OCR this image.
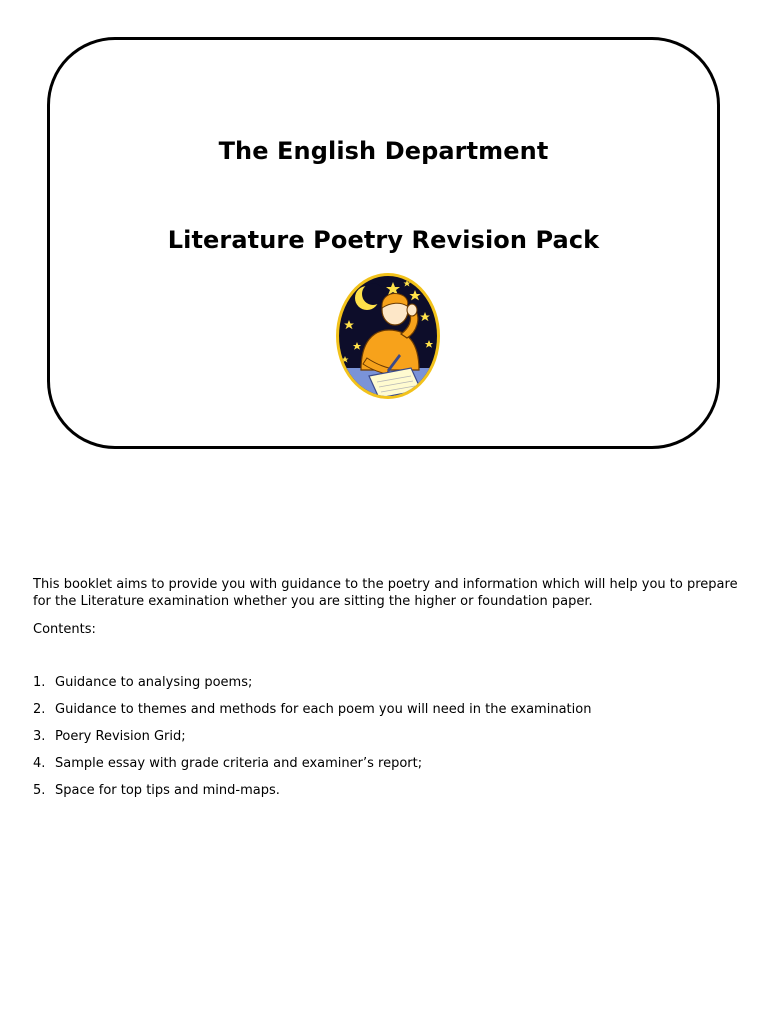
The English Department
Literature Poetry Revision Pack

This booklet aims to provide you with guidance to the poetry and information which will help you to prepare for the Literature examination whether you are sitting the higher or foundation paper.

Contents:

1. Guidance to analysing poems;
2. Guidance to themes and methods for each poem you will need in the examination
3. Poery Revision Grid;
4. Sample essay with grade criteria and examiner’s report;
5. Space for top tips and mind-maps.
